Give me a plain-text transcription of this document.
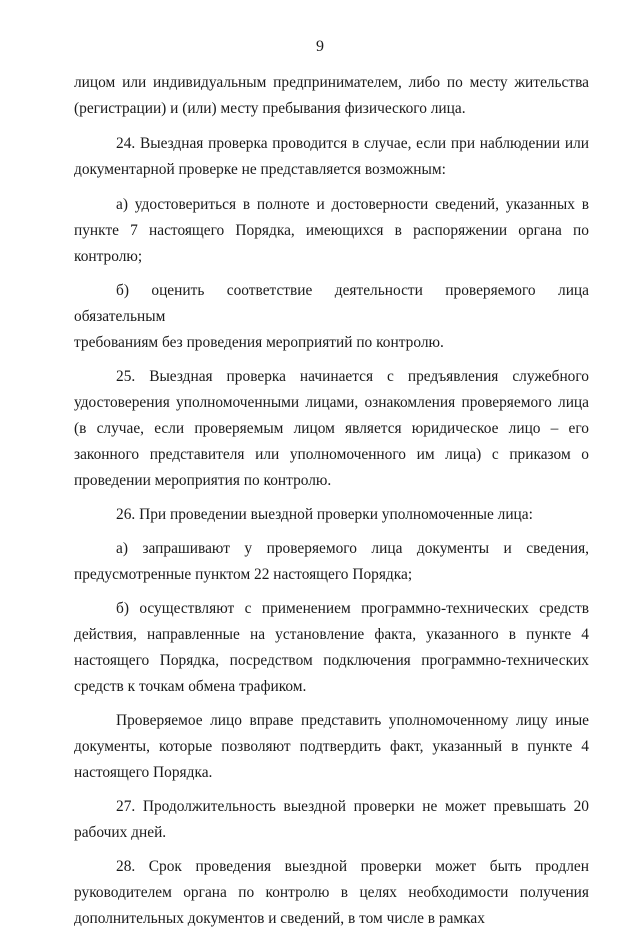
9
лицом или индивидуальным предпринимателем, либо по месту жительства
(регистрации) и (или) месту пребывания физического лица.
24. Выездная проверка проводится в случае, если при наблюдении или
документарной проверке не представляется возможным:
а) удостовериться в полноте и достоверности сведений, указанных в
пункте 7 настоящего Порядка, имеющихся в распоряжении органа по
контролю;
б) оценить соответствие деятельности проверяемого лица обязательным
требованиям без проведения мероприятий по контролю.
25. Выездная проверка начинается с предъявления служебного
удостоверения уполномоченными лицами, ознакомления проверяемого лица
(в случае, если проверяемым лицом является юридическое лицо – его
законного представителя или уполномоченного им лица) с приказом о
проведении мероприятия по контролю.
26. При проведении выездной проверки уполномоченные лица:
а) запрашивают у проверяемого лица документы и сведения,
предусмотренные пунктом 22 настоящего Порядка;
б) осуществляют с применением программно-технических средств
действия, направленные на установление факта, указанного в пункте 4
настоящего Порядка, посредством подключения программно-технических
средств к точкам обмена трафиком.
Проверяемое лицо вправе представить уполномоченному лицу иные
документы, которые позволяют подтвердить факт, указанный в пункте 4
настоящего Порядка.
27. Продолжительность выездной проверки не может превышать 20
рабочих дней.
28. Срок проведения выездной проверки может быть продлен
руководителем органа по контролю в целях необходимости получения
дополнительных документов и сведений, в том числе в рамках
